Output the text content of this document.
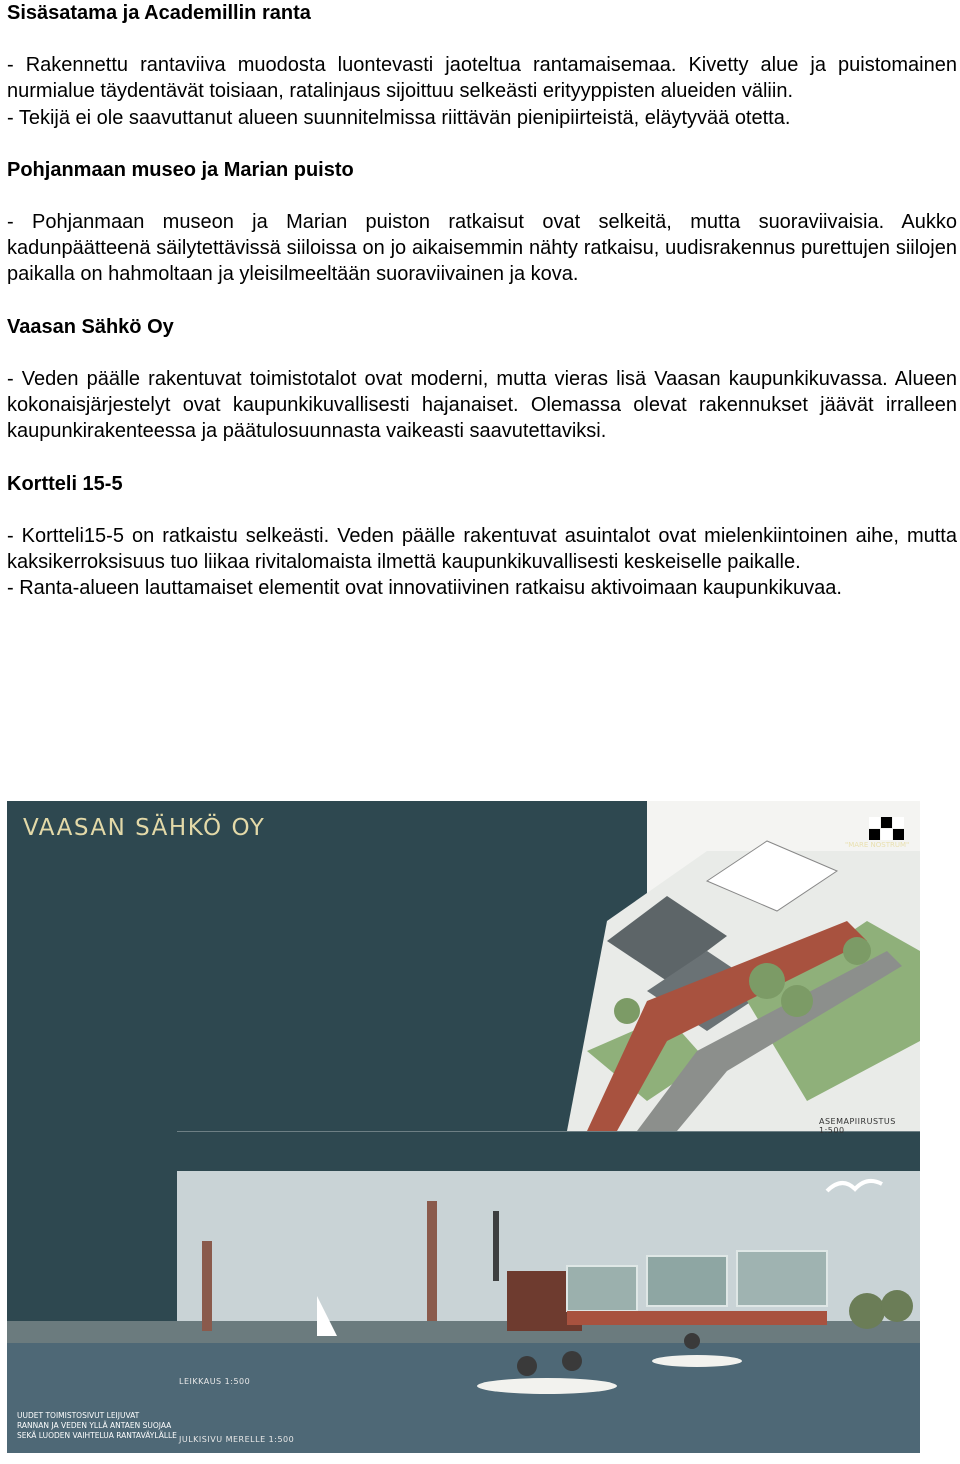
Sisäsatama ja Academillin ranta

- Rakennettu rantaviiva muodosta luontevasti jaoteltua rantamaisemaa. Kivetty alue ja puistomainen nurmialue täydentävät toisiaan, ratalinjaus sijoittuu selkeästi erityyppisten alueiden väliin.

- Tekijä ei ole saavuttanut alueen suunnitelmissa riittävän pienipiirteistä, eläytyvää otetta.

Pohjanmaan museo ja Marian puisto

- Pohjanmaan museon ja Marian puiston ratkaisut ovat selkeitä, mutta suoraviivaisia. Aukko kadunpäätteenä säilytettävissä siiloissa on jo aikaisemmin nähty ratkaisu, uudisrakennus purettujen siilojen paikalla on hahmoltaan ja yleisilmeeltään suoraviivainen ja kova.

Vaasan Sähkö Oy

- Veden päälle rakentuvat toimistotalot ovat moderni, mutta vieras lisä Vaasan kaupunkikuvassa. Alueen kokonaisjärjestelyt ovat kaupunkikuvallisesti hajanaiset. Olemassa olevat rakennukset jäävät irralleen kaupunkirakenteessa ja päätulosuunnasta vaikeasti saavutettaviksi.

Kortteli 15-5

- Kortteli15-5 on ratkaistu selkeästi. Veden päälle rakentuvat asuintalot ovat mielenkiintoinen aihe, mutta kaksikerroksisuus tuo liikaa rivitalomaista ilmettä kaupunkikuvallisesti keskeiselle paikalle.

- Ranta-alueen lauttamaiset elementit ovat innovatiivinen ratkaisu aktivoimaan kaupunkikuvaa.

VAASAN SÄHKÖ OY
"MARE NOSTRUM"
LEIKKAUS 1:500
JULKISIVU MERELLE 1:500
ASEMAPIIRUSTUS 1:500
UUDET TOIMISTOSIVUT LEIJUVAT
RANNAN JA VEDEN YLLÄ ANTAEN SUOJAA
SEKÄ LUODEN VAIHTELUA RANTAVÄYLÄLLE
